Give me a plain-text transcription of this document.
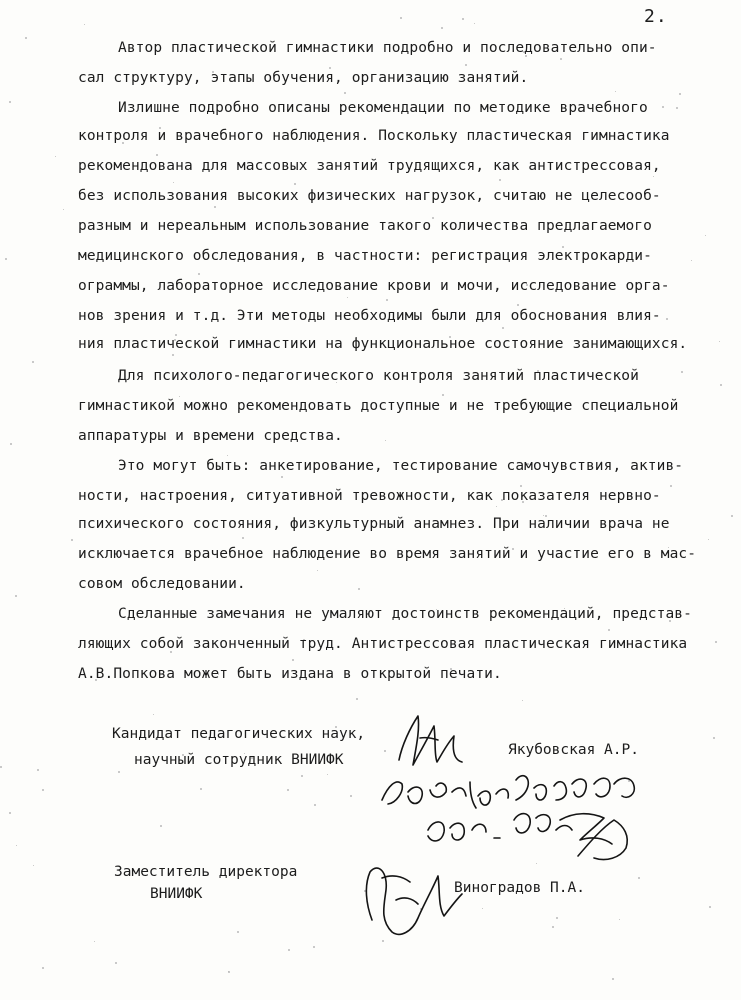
2.
Автор пластической гимнастики подробно и последовательно опи-
сал структуру, этапы обучения, организацию занятий.
Излишне подробно описаны рекомендации по методике врачебного
контроля и врачебного наблюдения. Поскольку пластическая гимнастика
рекомендована для массовых занятий трудящихся, как антистрессовая,
без использования высоких физических нагрузок, считаю не целесооб-
разным и нереальным использование такого количества предлагаемого
медицинского обследования, в частности: регистрация электрокарди-
ограммы, лабораторное исследование крови и мочи, исследование орга-
нов зрения и т.д. Эти методы необходимы были для обоснования влия-
ния пластической гимнастики на функциональное состояние занимающихся.
Для психолого-педагогического контроля занятий пластической
гимнастикой можно рекомендовать доступные и не требующие специальной
аппаратуры и времени средства.
Это могут быть: анкетирование, тестирование самочувствия, актив-
ности, настроения, ситуативной тревожности, как показателя нервно-
психического состояния, физкультурный анамнез. При наличии врача не
исключается врачебное наблюдение во время занятий и участие его в мас-
совом обследовании.
Сделанные замечания не умаляют достоинств рекомендаций, представ-
ляющих собой законченный труд. Антистрессовая пластическая гимнастика
А.В.Попкова может быть издана в открытой печати.
Кандидат педагогических наук,
научный сотрудник ВНИИФК
Якубовская А.Р.
Заместитель директора
ВНИИФК	Виноградов П.А.
